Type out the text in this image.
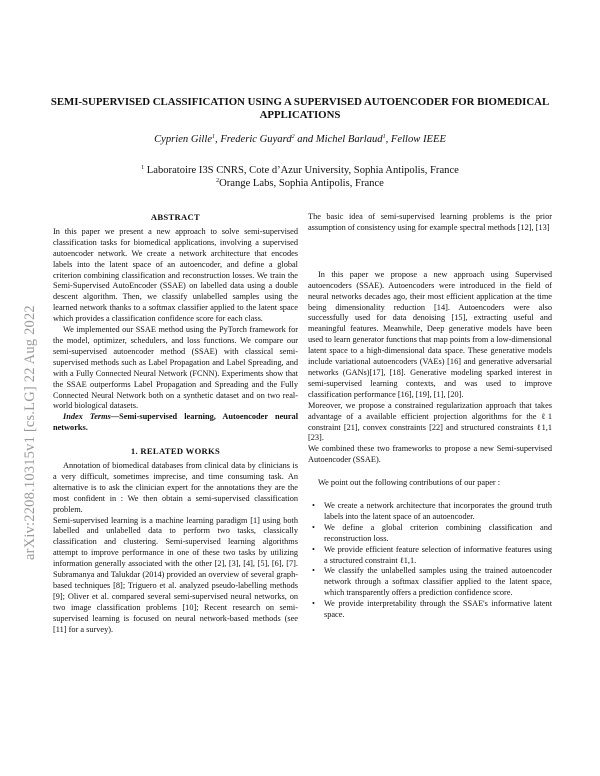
arXiv:2208.10315v1 [cs.LG] 22 Aug 2022
SEMI-SUPERVISED CLASSIFICATION USING A SUPERVISED AUTOENCODER FOR BIOMEDICAL APPLICATIONS
Cyprien Gille$^1$, Frederic Guyard$^2$ and Michel Barlaud$^1$, Fellow IEEE
$^1$ Laboratoire I3S CNRS, Cote d’Azur University, Sophia Antipolis, France
$^2$Orange Labs, Sophia Antipolis, France
ABSTRACT

In this paper we present a new approach to solve semi-supervised classification tasks for biomedical applications, involving a supervised autoencoder network. We create a network architecture that encodes labels into the latent space of an autoencoder, and define a global criterion combining classification and reconstruction losses. We train the Semi-Supervised AutoEncoder (SSAE) on labelled data using a double descent algorithm. Then, we classify unlabelled samples using the learned network thanks to a softmax classifier applied to the latent space which provides a classification confidence score for each class.

We implemented our SSAE method using the PyTorch framework for the model, optimizer, schedulers, and loss functions. We compare our semi-supervised autoencoder method (SSAE) with classical semi-supervised methods such as Label Propagation and Label Spreading, and with a Fully Connected Neural Network (FCNN). Experiments show that the SSAE outperforms Label Propagation and Spreading and the Fully Connected Neural Network both on a synthetic dataset and on two real-world biological datasets.

Index Terms—Semi-supervised learning, Autoencoder neural networks.

1. RELATED WORKS

Annotation of biomedical databases from clinical data by clinicians is a very difficult, sometimes imprecise, and time consuming task. An alternative is to ask the clinician expert for the annotations they are the most confident in : We then obtain a semi-supervised classification problem.

Semi-supervised learning is a machine learning paradigm [1] using both labelled and unlabelled data to perform two tasks, classically classification and clustering. Semi-supervised learning algorithms attempt to improve performance in one of these two tasks by utilizing information generally associated with the other [2], [3], [4], [5], [6], [7]. Subramanya and Talukdar (2014) provided an overview of several graph-based techniques [8]; Triguero et al. analyzed pseudo-labelling methods [9]; Oliver et al. compared several semi-supervised neural networks, on two image classification problems [10]; Recent research on semi-supervised learning is focused on neural network-based methods (see [11] for a survey).

The basic idea of semi-supervised learning problems is the prior assumption of consistency using for example spectral methods [12], [13]

In this paper we propose a new approach using Supervised autoencoders (SSAE). Autoencoders were introduced in the field of neural networks decades ago, their most efficient application at the time being dimensionality reduction [14]. Autoencoders were also successfully used for data denoising [15], extracting useful and meaningful features. Meanwhile, Deep generative models have been used to learn generator functions that map points from a low-dimensional latent space to a high-dimensional data space. These generative models include variational autoencoders (VAEs) [16] and generative adversarial networks (GANs)[17], [18]. Generative modeling sparked interest in semi-supervised learning contexts, and was used to improve classification performance [16], [19], [1], [20].

Moreover, we propose a constrained regularization approach that takes advantage of a available efficient projection algorithms for the ℓ1 constraint [21], convex constraints [22] and structured constraints ℓ1,1 [23].

We combined these two frameworks to propose a new Semi-supervised Autoencoder (SSAE).

We point out the following contributions of our paper :

• We create a network architecture that incorporates the ground truth labels into the latent space of an autoencoder.
• We define a global criterion combining classification and reconstruction loss.
• We provide efficient feature selection of informative features using a structured constraint ℓ1,1.
• We classify the unlabelled samples using the trained autoencoder network through a softmax classifier applied to the latent space, which transparently offers a prediction confidence score.
• We provide interpretability through the SSAE's informative latent space.
